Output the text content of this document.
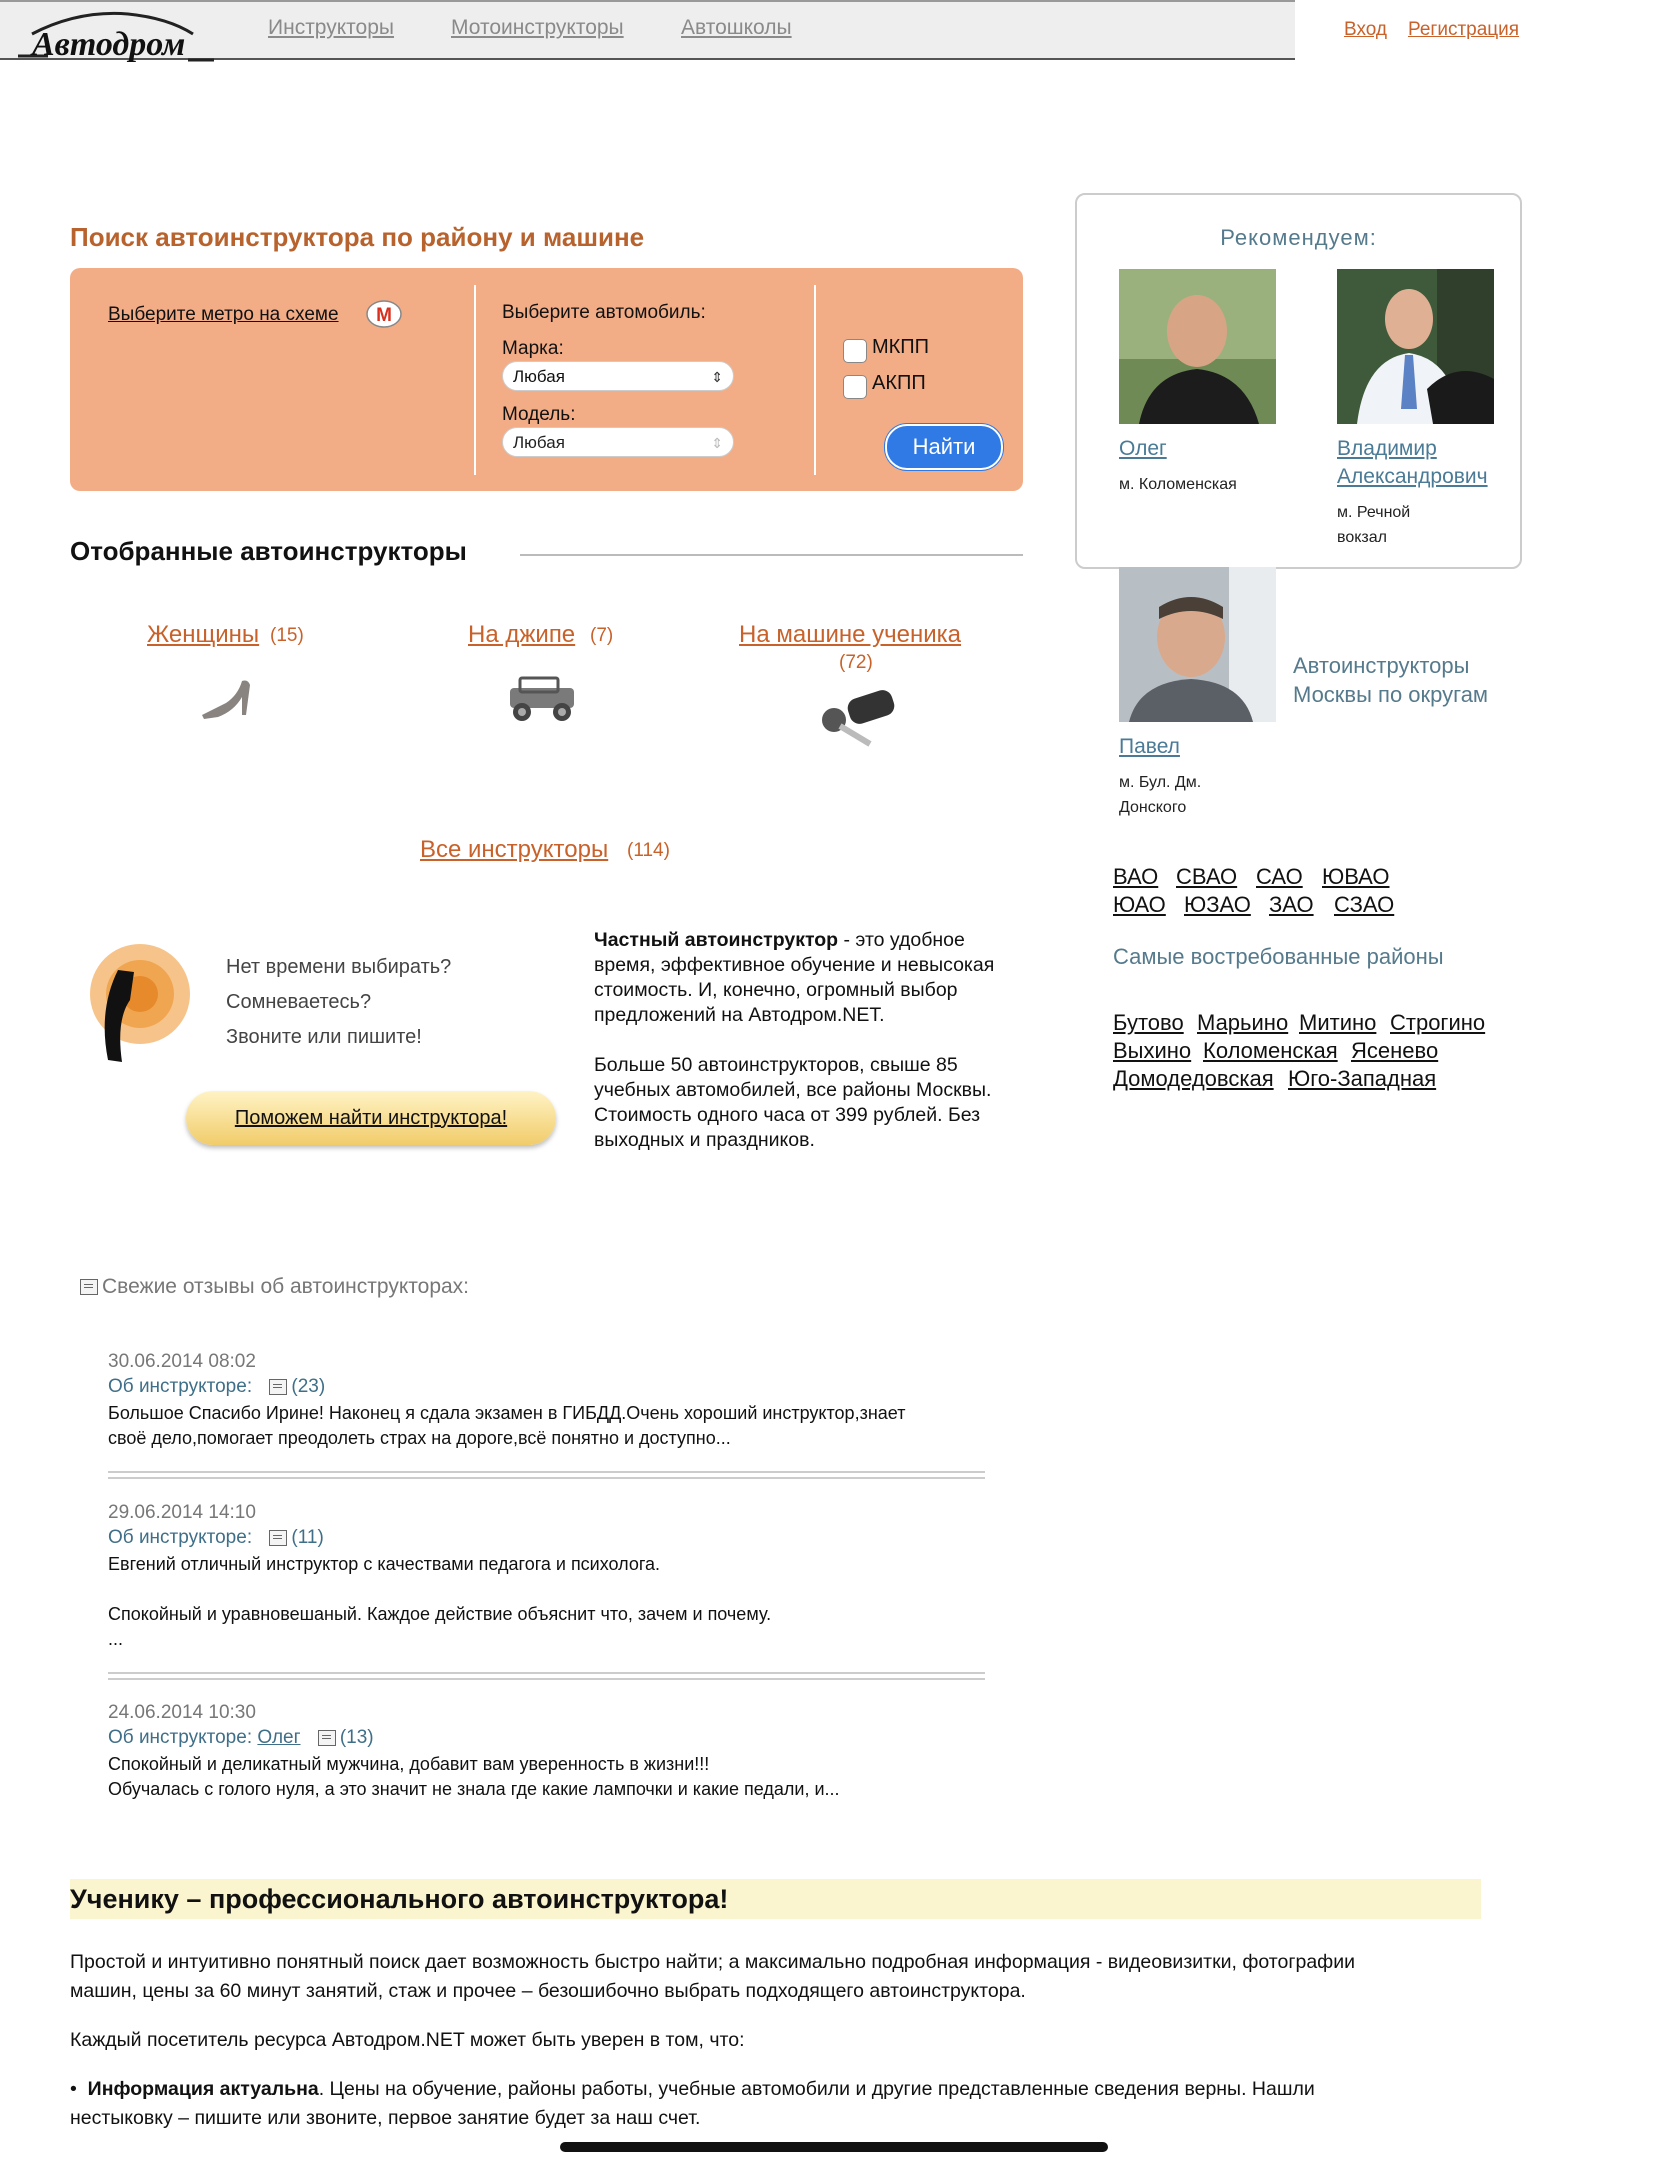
Автодром	Инструкторы	Мотоинструкторы	Автошколы	Вход Регистрация
Поиск автоинструктора по району и машине
Выберите метро на схеме М	Выберите автомобиль:
Марка:
Любая	⇕
Модель:
Любая	⇕
МКПП
АКПП
Найти
Отобранные автоинструкторы
Женщины (15)	На джипе (7)	На машине ученика
(72)
Все инструкторы (114)
Нет времени выбирать?
Сомневаетесь?
Звоните или пишите!
Поможем найти инструктора!
Частный автоинструктор - это удобное
время, эффективное обучение и невысокая
стоимость. И, конечно, огромный выбор
предложений на Автодром.NET.
Больше 50 автоинструкторов, свыше 85
учебных автомобилей, все районы Москвы.
Стоимость одного часа от 399 рублей. Без
выходных и праздников.
Свежие отзывы об автоинструкторах:
30.06.2014 08:02
Об инструкторе: (23)
Большое Спасибо Ирине! Наконец я сдала экзамен в ГИБДД.Очень хороший инструктор,знает
своё дело,помогает преодолеть страх на дороге,всё понятно и доступно...
29.06.2014 14:10
Об инструкторе: (11)
Евгений отличный инструктор с качествами педагога и психолога.

Спокойный и уравновешаный. Каждое действие объяснит что, зачем и почему.
...
24.06.2014 10:30
Об инструкторе: Олег (13)
Спокойный и деликатный мужчина, добавит вам уверенность в жизни!!!
Обучалась с голого нуля, а это значит не знала где какие лампочки и какие педали, и...
Ученику – профессионального автоинструктора!
Простой и интуитивно понятный поиск дает возможность быстро найти; а максимально подробная информация - видеовизитки, фотографии
машин, цены за 60 минут занятий, стаж и прочее – безошибочно выбрать подходящего автоинструктора.
Каждый посетитель ресурса Автодром.NET может быть уверен в том, что:
•  Информация актуальна. Цены на обучение, районы работы, учебные автомобили и другие представленные сведения верны. Нашли
нестыковку – пишите или звоните, первое занятие будет за наш счет.
Рекомендуем:
Олег
м. Коломенская
Владимир
Александрович
м. Речной
вокзал
Павел
м. Бул. Дм.
Донского
Автоинструкторы
Москвы по округам
ВАО СВАО САО ЮВАО
ЮАО ЮЗАО ЗАО СЗАО
Самые востребованные районы
Бутово Марьино Митино Строгино
Выхино Коломенская Ясенево
Домодедовская Юго-Западная
